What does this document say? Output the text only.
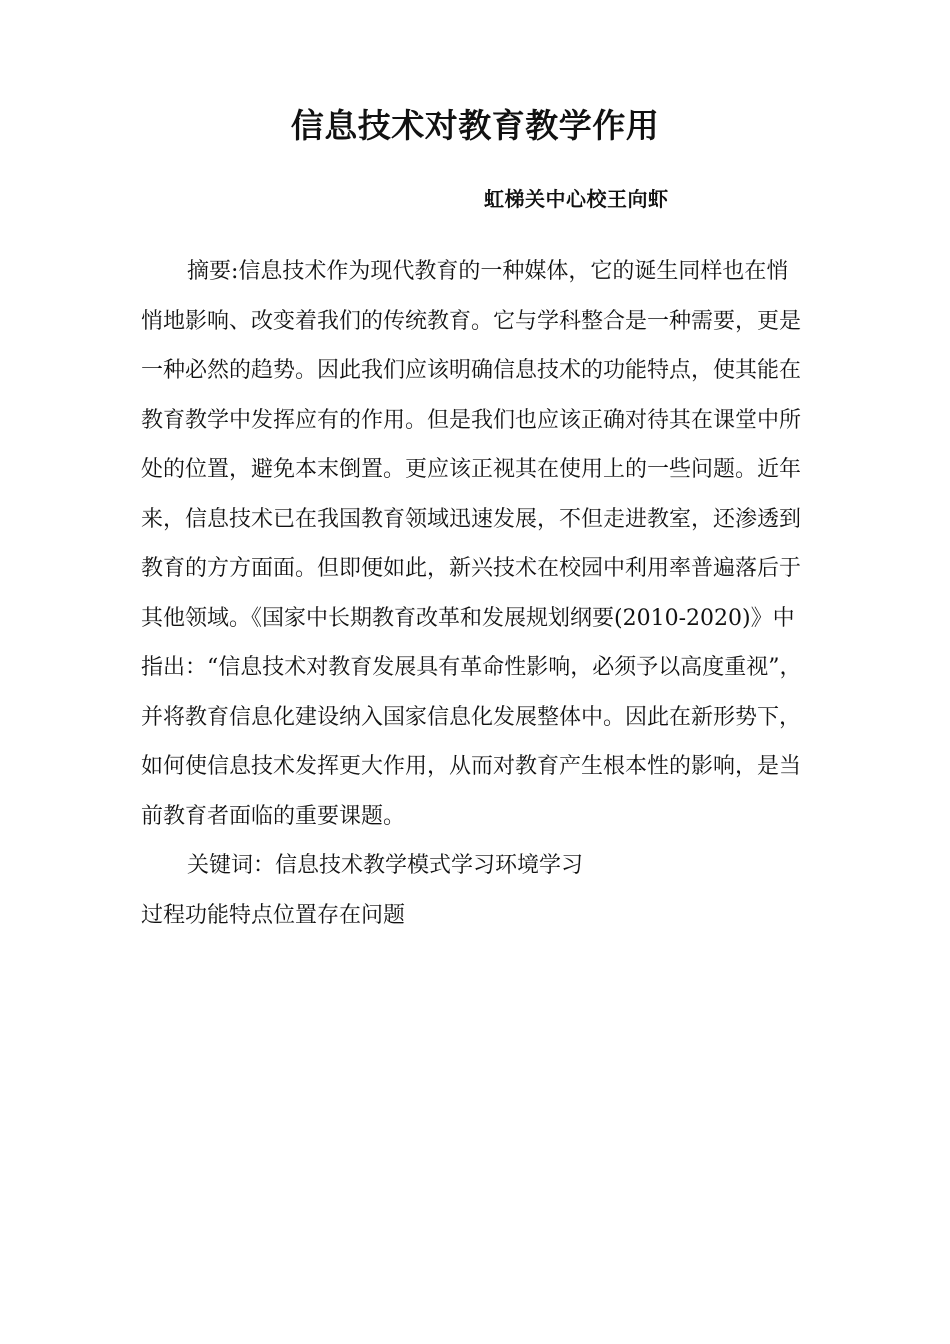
信息技术对教育教学作用

虹梯关中心校王向虾

摘要:信息技术作为现代教育的一种媒体，它的诞生同样也在悄
悄地影响、改变着我们的传统教育。它与学科整合是一种需要，更是
一种必然的趋势。因此我们应该明确信息技术的功能特点，使其能在
教育教学中发挥应有的作用。但是我们也应该正确对待其在课堂中所
处的位置，避免本末倒置。更应该正视其在使用上的一些问题。近年
来，信息技术已在我国教育领域迅速发展，不但走进教室，还渗透到
教育的方方面面。但即便如此，新兴技术在校园中利用率普遍落后于
其他领域。《国家中长期教育改革和发展规划纲要(2010-2020)》中
指出：“信息技术对教育发展具有革命性影响，必须予以高度重视”，
并将教育信息化建设纳入国家信息化发展整体中。因此在新形势下，
如何使信息技术发挥更大作用，从而对教育产生根本性的影响，是当
前教育者面临的重要课题。
关键词：信息技术教学模式学习环境学习
过程功能特点位置存在问题
